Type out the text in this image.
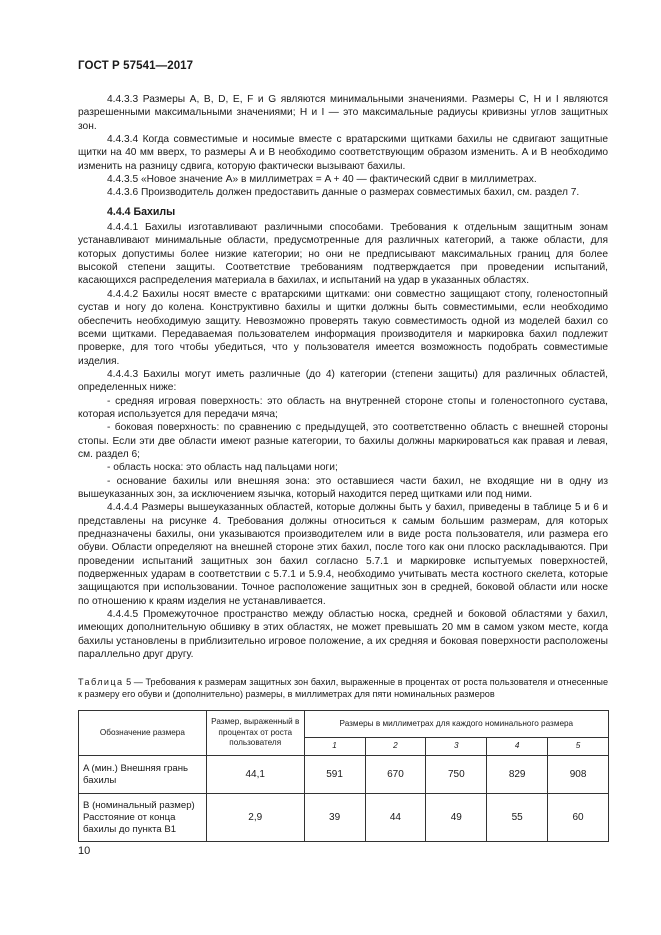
ГОСТ Р 57541—2017

4.4.3.3 Размеры A, B, D, E, F и G являются минимальными значениями. Размеры C, H и I являются разрешенными максимальными значениями; H и I — это максимальные радиусы кривизны углов защитных зон.

4.4.3.4 Когда совместимые и носимые вместе с вратарскими щитками бахилы не сдвигают защитные щитки на 40 мм вверх, то размеры A и B необходимо соответствующим образом изменить. A и B необходимо изменить на разницу сдвига, которую фактически вызывают бахилы.

4.4.3.5 «Новое значение A» в миллиметрах = A + 40 — фактический сдвиг в миллиметрах.

4.4.3.6 Производитель должен предоставить данные о размерах совместимых бахил, см. раздел 7.

4.4.4 Бахилы

4.4.4.1 Бахилы изготавливают различными способами. Требования к отдельным защитным зонам устанавливают минимальные области, предусмотренные для различных категорий, а также области, для которых допустимы более низкие категории; но они не предписывают максимальных границ для более высокой степени защиты. Соответствие требованиям подтверждается при проведении испытаний, касающихся распределения материала в бахилах, и испытаний на удар в указанных областях.

4.4.4.2 Бахилы носят вместе с вратарскими щитками: они совместно защищают стопу, голеностопный сустав и ногу до колена. Конструктивно бахилы и щитки должны быть совместимыми, если необходимо обеспечить необходимую защиту. Невозможно проверять такую совместимость одной из моделей бахил со всеми щитками. Передаваемая пользователем информация производителя и маркировка бахил подлежит проверке, для того чтобы убедиться, что у пользователя имеется возможность подобрать совместимые изделия.

4.4.4.3 Бахилы могут иметь различные (до 4) категории (степени защиты) для различных областей, определенных ниже:

- средняя игровая поверхность: это область на внутренней стороне стопы и голеностопного сустава, которая используется для передачи мяча;

- боковая поверхность: по сравнению с предыдущей, это соответственно область с внешней стороны стопы. Если эти две области имеют разные категории, то бахилы должны маркироваться как правая и левая, см. раздел 6;

- область носка: это область над пальцами ноги;

- основание бахилы или внешняя зона: это оставшиеся части бахил, не входящие ни в одну из вышеуказанных зон, за исключением язычка, который находится перед щитками или под ними.

4.4.4.4 Размеры вышеуказанных областей, которые должны быть у бахил, приведены в таблице 5 и 6 и представлены на рисунке 4. Требования должны относиться к самым большим размерам, для которых предназначены бахилы, они указываются производителем или в виде роста пользователя, или размера его обуви. Области определяют на внешней стороне этих бахил, после того как они плоско раскладываются. При проведении испытаний защитных зон бахил согласно 5.7.1 и маркировке испытуемых поверхностей, подверженных ударам в соответствии с 5.7.1 и 5.9.4, необходимо учитывать места костного скелета, которые защищаются при использовании. Точное расположение защитных зон в средней, боковой области или носке по отношению к краям изделия не устанавливается.

4.4.4.5 Промежуточное пространство между областью носка, средней и боковой областями у бахил, имеющих дополнительную обшивку в этих областях, не может превышать 20 мм в самом узком месте, когда бахилы установлены в приблизительно игровое положение, а их средняя и боковая поверхности расположены параллельно друг другу.

Таблица 5 — Требования к размерам защитных зон бахил, выраженные в процентах от роста пользователя и отнесенные к размеру его обуви и (дополнительно) размеры, в миллиметрах для пяти номинальных размеров
Обозначение размера	Размер, выраженный в процентах от роста пользователя	Размеры в миллиметрах для каждого номинального размера				
		1	2	3	4	5
A (мин.) Внешняя грань бахилы	44,1	591	670	750	829	908
B (номинальный размер) Расстояние от конца бахилы до пункта B1	2,9	39	44	49	55	60
10
